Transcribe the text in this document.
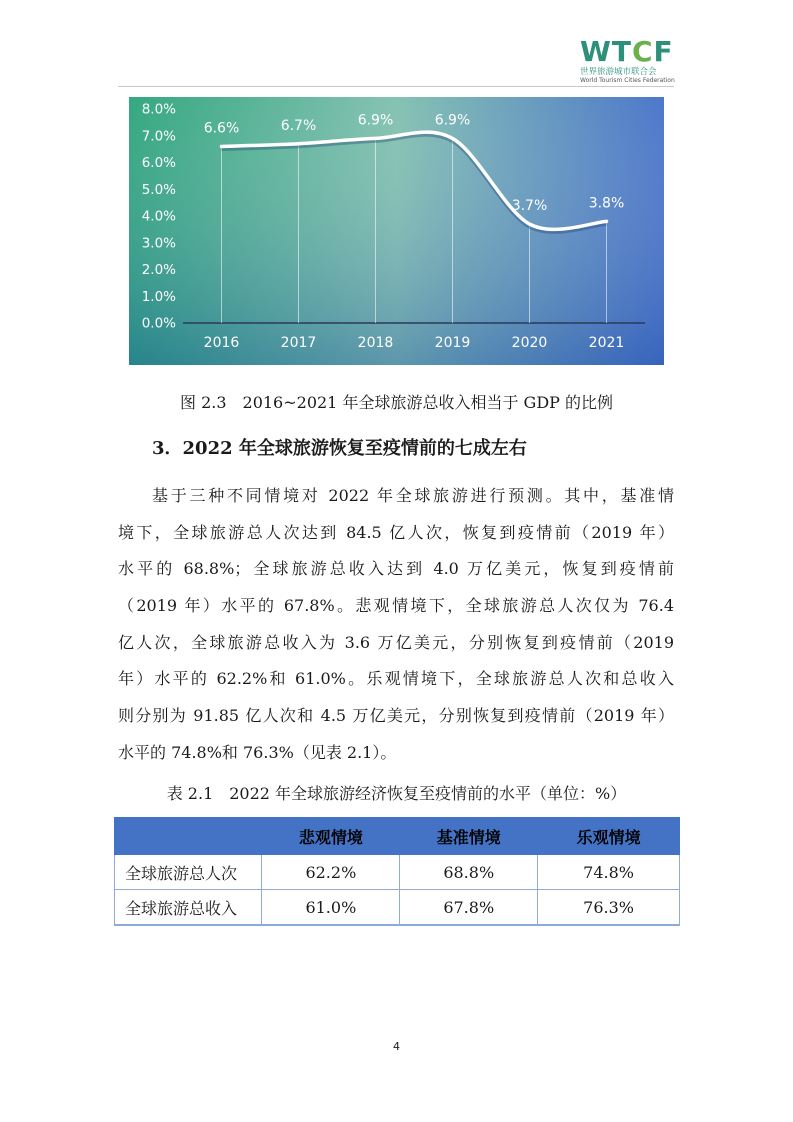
WTCF
世界旅游城市联合会
World Tourism Cities Federation
0.0%
1.0%
2.0%
3.0%
4.0%
5.0%
6.0%
7.0%
8.0%
6.6%	6.7%	6.9%	6.9%
3.7%	3.8%
2016	2017	2018	2019	2020	2021
图 2.3　2016~2021 年全球旅游总收入相当于 GDP 的比例
3．2022 年全球旅游恢复至疫情前的七成左右
基于三种不同情境对 2022 年全球旅游进行预测。其中，基准情
境下，全球旅游总人次达到 84.5 亿人次，恢复到疫情前（2019 年）
水平的 68.8%；全球旅游总收入达到 4.0 万亿美元，恢复到疫情前
（2019 年）水平的 67.8%。悲观情境下，全球旅游总人次仅为 76.4
亿人次，全球旅游总收入为 3.6 万亿美元，分别恢复到疫情前（2019
年）水平的 62.2%和 61.0%。乐观情境下，全球旅游总人次和总收入
则分别为 91.85 亿人次和 4.5 万亿美元，分别恢复到疫情前（2019 年）
水平的 74.8%和 76.3%（见表 2.1）。
表 2.1　2022 年全球旅游经济恢复至疫情前的水平（单位：%）
	悲观情境	基准情境	乐观情境
全球旅游总人次	62.2%	68.8%	74.8%
全球旅游总收入	61.0%	67.8%	76.3%
4
